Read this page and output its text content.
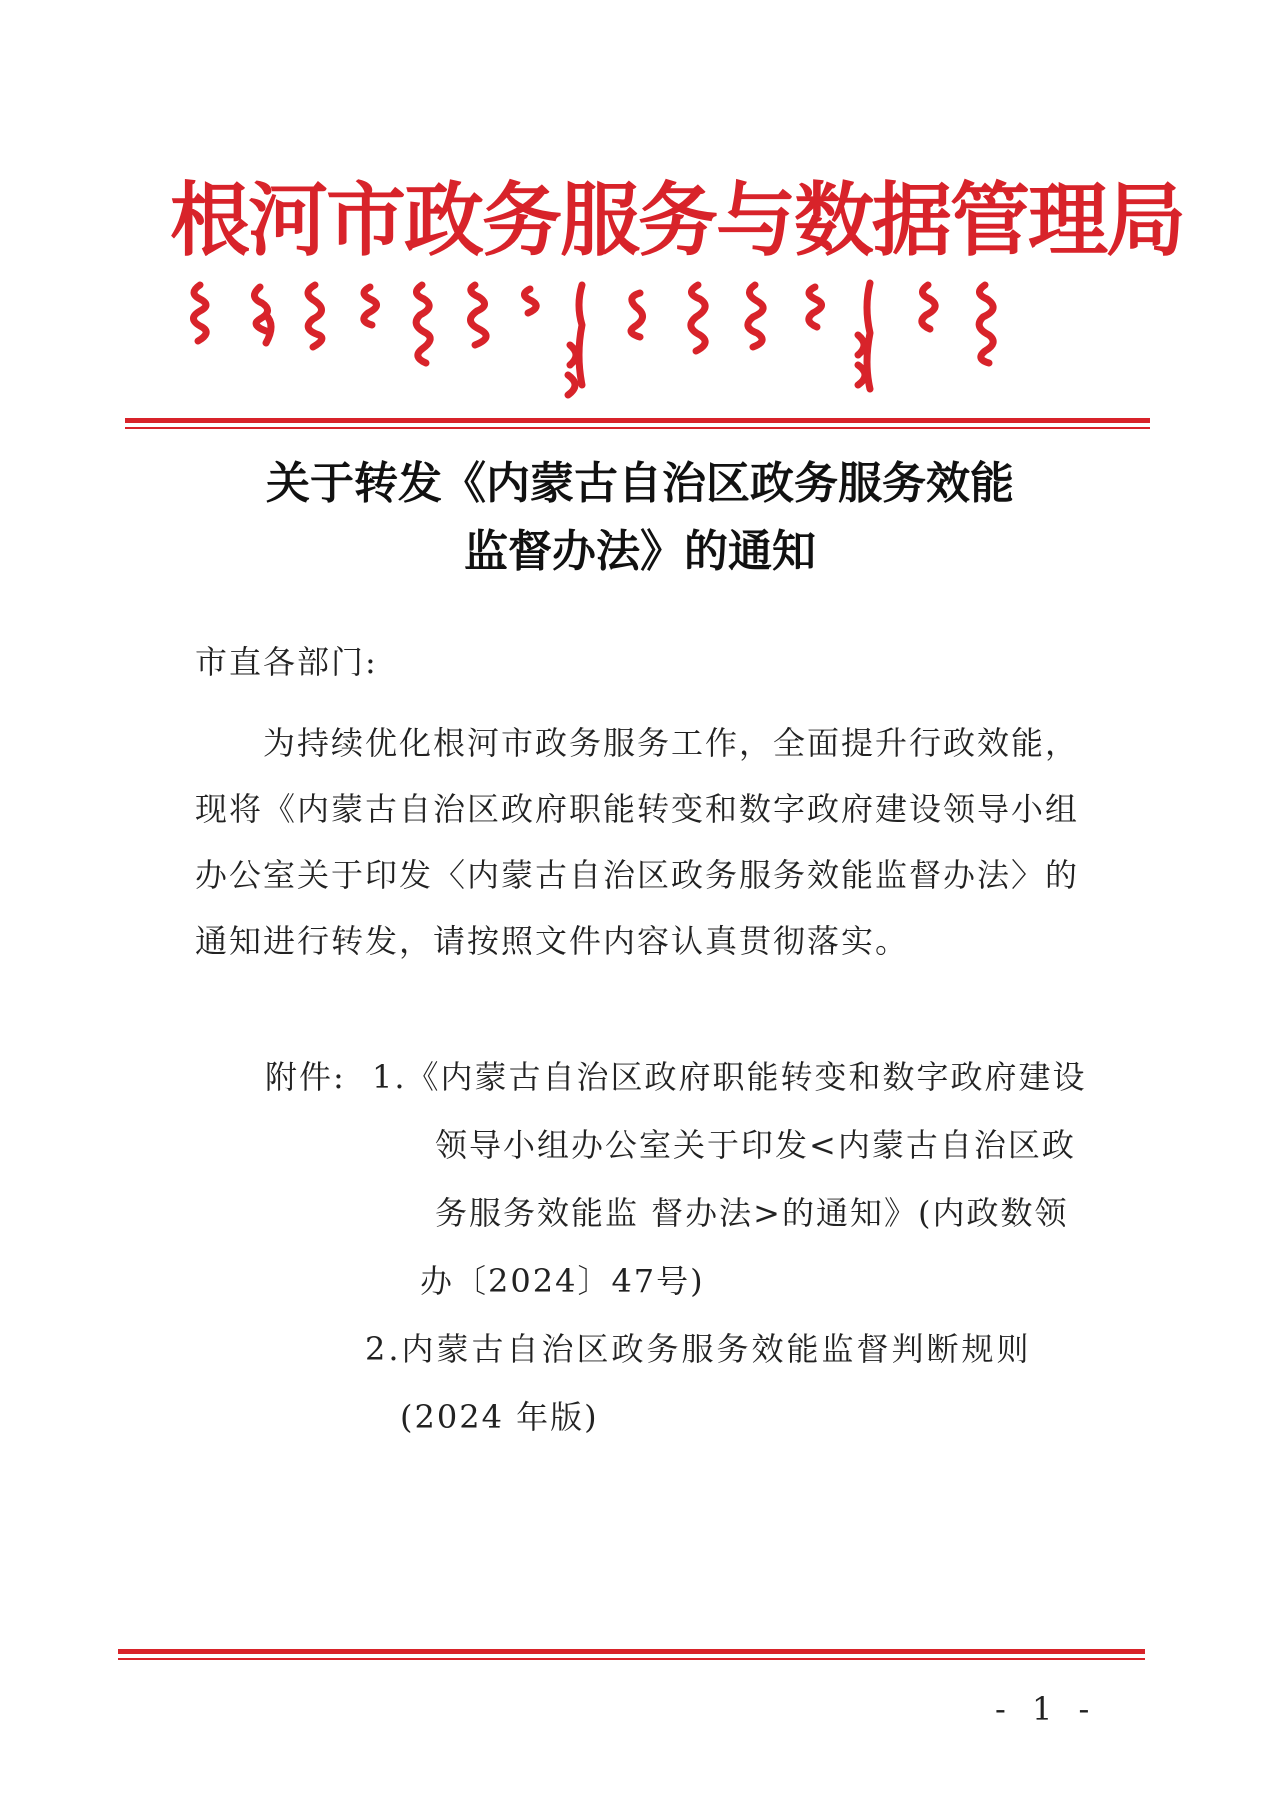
根河市政务服务与数据管理局
关于转发《内蒙古自治区政务服务效能
监督办法》的通知
市直各部门:
为持续优化根河市政务服务工作，全面提升行政效能，
现将《内蒙古自治区政府职能转变和数字政府建设领导小组
办公室关于印发〈内蒙古自治区政务服务效能监督办法〉的
通知进行转发，请按照文件内容认真贯彻落实。
附件: 1.《内蒙古自治区政府职能转变和数字政府建设
领导小组办公室关于印发<内蒙古自治区政
务服务效能监 督办法>的通知》(内政数领
办〔2024〕47号)
2.内蒙古自治区政务服务效能监督判断规则
(2024 年版)
- 1 -
